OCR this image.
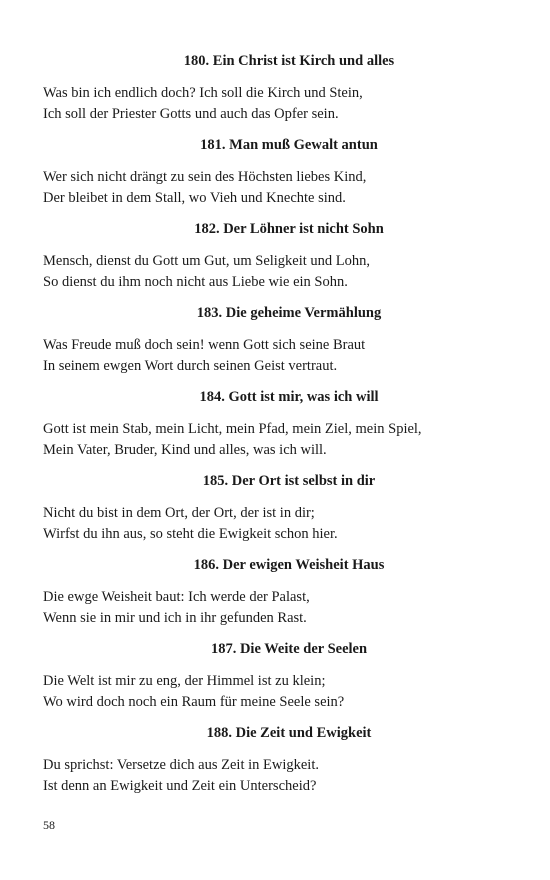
180. Ein Christ ist Kirch und alles
Was bin ich endlich doch? Ich soll die Kirch und Stein,
Ich soll der Priester Gotts und auch das Opfer sein.
181. Man muß Gewalt antun
Wer sich nicht drängt zu sein des Höchsten liebes Kind,
Der bleibet in dem Stall, wo Vieh und Knechte sind.
182. Der Löhner ist nicht Sohn
Mensch, dienst du Gott um Gut, um Seligkeit und Lohn,
So dienst du ihm noch nicht aus Liebe wie ein Sohn.
183. Die geheime Vermählung
Was Freude muß doch sein! wenn Gott sich seine Braut
In seinem ewgen Wort durch seinen Geist vertraut.
184. Gott ist mir, was ich will
Gott ist mein Stab, mein Licht, mein Pfad, mein Ziel, mein Spiel,
Mein Vater, Bruder, Kind und alles, was ich will.
185. Der Ort ist selbst in dir
Nicht du bist in dem Ort, der Ort, der ist in dir;
Wirfst du ihn aus, so steht die Ewigkeit schon hier.
186. Der ewigen Weisheit Haus
Die ewge Weisheit baut: Ich werde der Palast,
Wenn sie in mir und ich in ihr gefunden Rast.
187. Die Weite der Seelen
Die Welt ist mir zu eng, der Himmel ist zu klein;
Wo wird doch noch ein Raum für meine Seele sein?
188. Die Zeit und Ewigkeit
Du sprichst: Versetze dich aus Zeit in Ewigkeit.
Ist denn an Ewigkeit und Zeit ein Unterscheid?
58
